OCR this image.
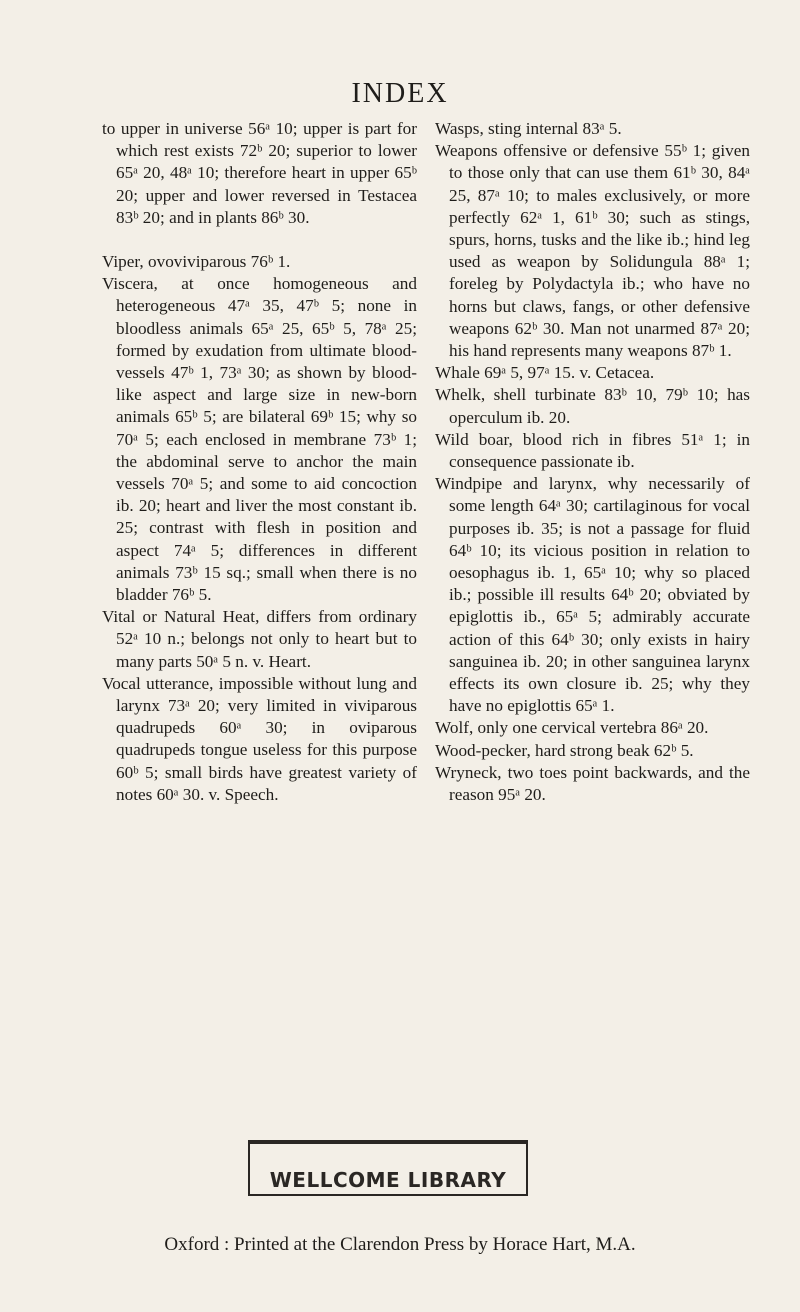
INDEX

to upper in universe 56ᵃ 10; upper is part for which rest exists 72ᵇ 20; superior to lower 65ᵃ 20, 48ᵃ 10; therefore heart in upper 65ᵇ 20; upper and lower reversed in Testacea 83ᵇ 20; and in plants 86ᵇ 30.

Viper, ovoviviparous 76ᵇ 1.

Viscera, at once homogeneous and heterogeneous 47ᵃ 35, 47ᵇ 5; none in bloodless animals 65ᵃ 25, 65ᵇ 5, 78ᵃ 25; formed by exudation from ultimate blood-vessels 47ᵇ 1, 73ᵃ 30; as shown by blood-like aspect and large size in new-born animals 65ᵇ 5; are bilateral 69ᵇ 15; why so 70ᵃ 5; each enclosed in membrane 73ᵇ 1; the abdominal serve to anchor the main vessels 70ᵃ 5; and some to aid concoction ib. 20; heart and liver the most constant ib. 25; contrast with flesh in position and aspect 74ᵃ 5; differences in different animals 73ᵇ 15 sq.; small when there is no bladder 76ᵇ 5.

Vital or Natural Heat, differs from ordinary 52ᵃ 10 n.; belongs not only to heart but to many parts 50ᵃ 5 n. v. Heart.

Vocal utterance, impossible without lung and larynx 73ᵃ 20; very limited in viviparous quadrupeds 60ᵃ 30; in oviparous quadrupeds tongue useless for this purpose 60ᵇ 5; small birds have greatest variety of notes 60ᵃ 30. v. Speech.

Wasps, sting internal 83ᵃ 5.

Weapons offensive or defensive 55ᵇ 1; given to those only that can use them 61ᵇ 30, 84ᵃ 25, 87ᵃ 10; to males exclusively, or more perfectly 62ᵃ 1, 61ᵇ 30; such as stings, spurs, horns, tusks and the like ib.; hind leg used as weapon by Solidungula 88ᵃ 1; foreleg by Polydactyla ib.; who have no horns but claws, fangs, or other defensive weapons 62ᵇ 30. Man not unarmed 87ᵃ 20; his hand represents many weapons 87ᵇ 1.

Whale 69ᵃ 5, 97ᵃ 15. v. Cetacea.

Whelk, shell turbinate 83ᵇ 10, 79ᵇ 10; has operculum ib. 20.

Wild boar, blood rich in fibres 51ᵃ 1; in consequence passionate ib.

Windpipe and larynx, why necessarily of some length 64ᵃ 30; cartilaginous for vocal purposes ib. 35; is not a passage for fluid 64ᵇ 10; its vicious position in relation to oesophagus ib. 1, 65ᵃ 10; why so placed ib.; possible ill results 64ᵇ 20; obviated by epiglottis ib., 65ᵃ 5; admirably accurate action of this 64ᵇ 30; only exists in hairy sanguinea ib. 20; in other sanguinea larynx effects its own closure ib. 25; why they have no epiglottis 65ᵃ 1.

Wolf, only one cervical vertebra 86ᵃ 20.

Wood-pecker, hard strong beak 62ᵇ 5.

Wryneck, two toes point backwards, and the reason 95ᵃ 20.

WELLCOME LIBRARY
Oxford : Printed at the Clarendon Press by Horace Hart, M.A.
